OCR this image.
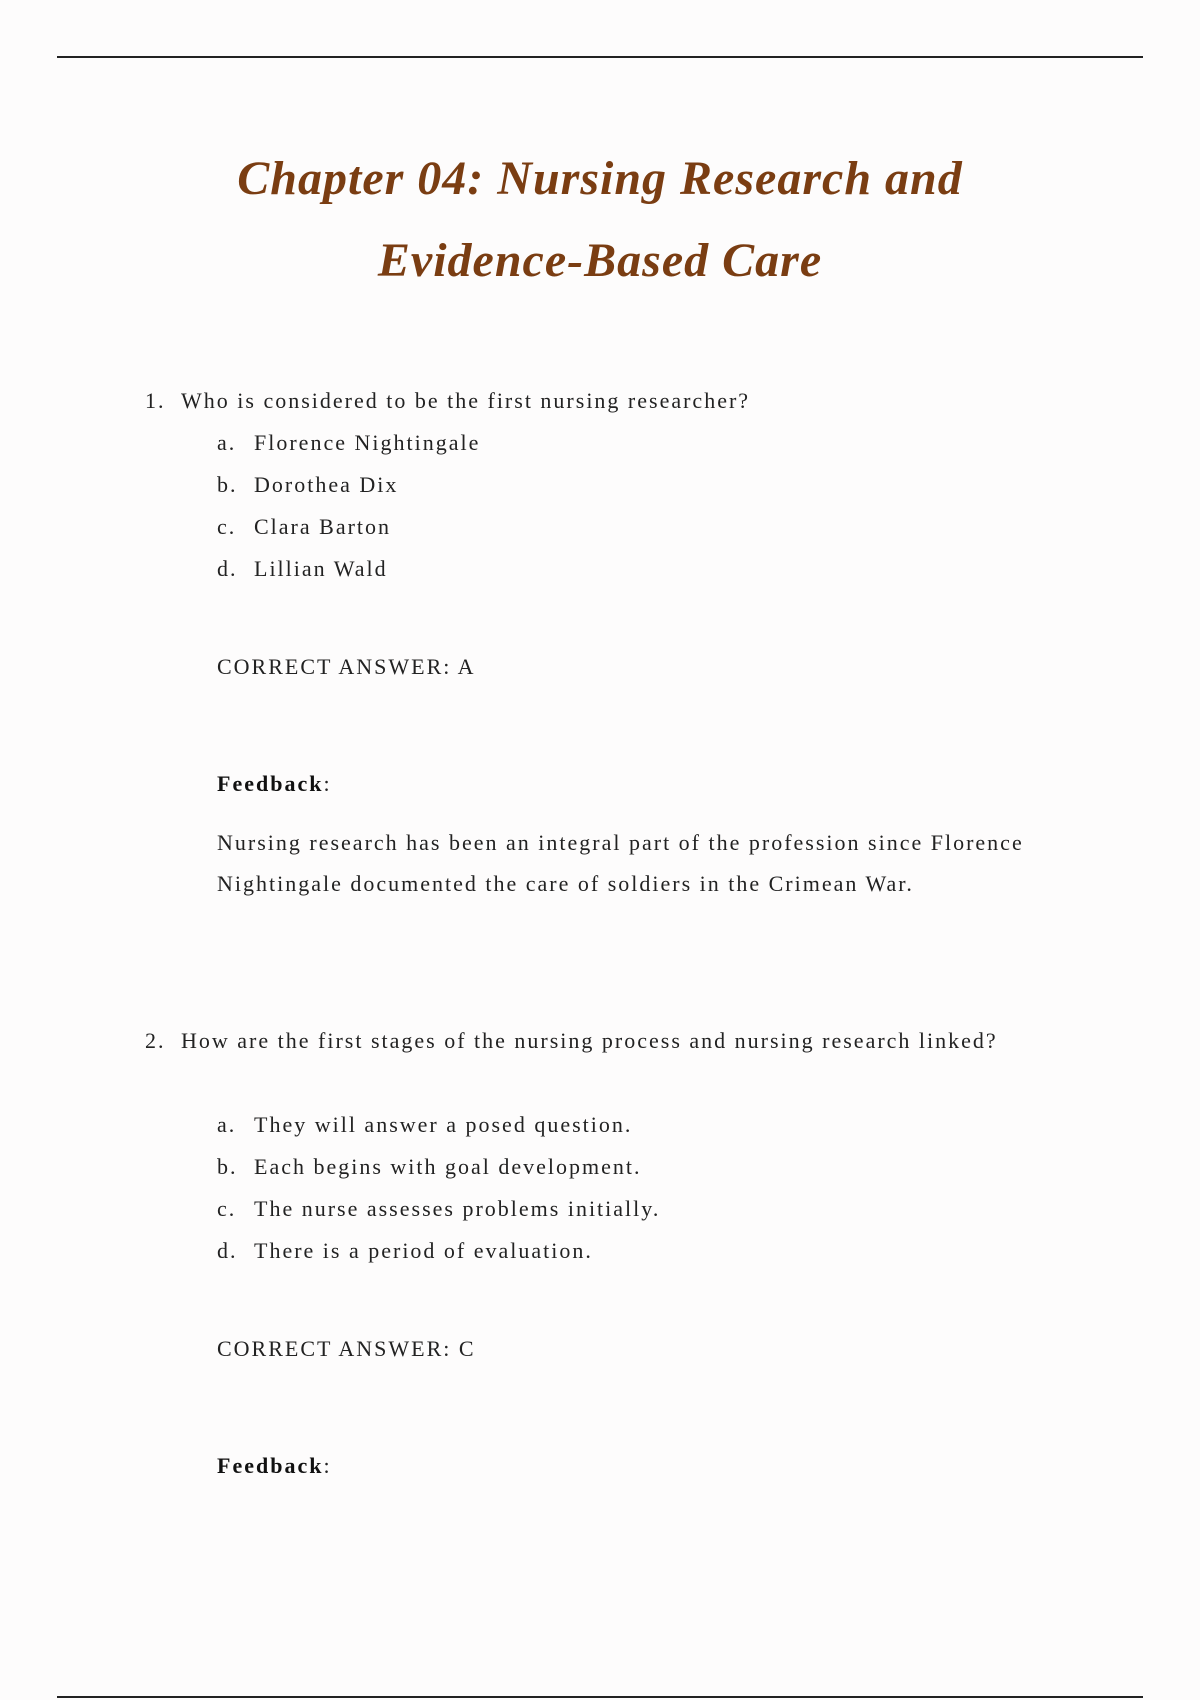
Chapter 04: Nursing Research and
Evidence-Based Care
1. Who is considered to be the first nursing researcher?
a. Florence Nightingale
b. Dorothea Dix
c. Clara Barton
d. Lillian Wald
CORRECT ANSWER: A
Feedback:
Nursing research has been an integral part of the profession since Florence Nightingale documented the care of soldiers in the Crimean War.
2. How are the first stages of the nursing process and nursing research linked?
a. They will answer a posed question.
b. Each begins with goal development.
c. The nurse assesses problems initially.
d. There is a period of evaluation.
CORRECT ANSWER: C
Feedback:
